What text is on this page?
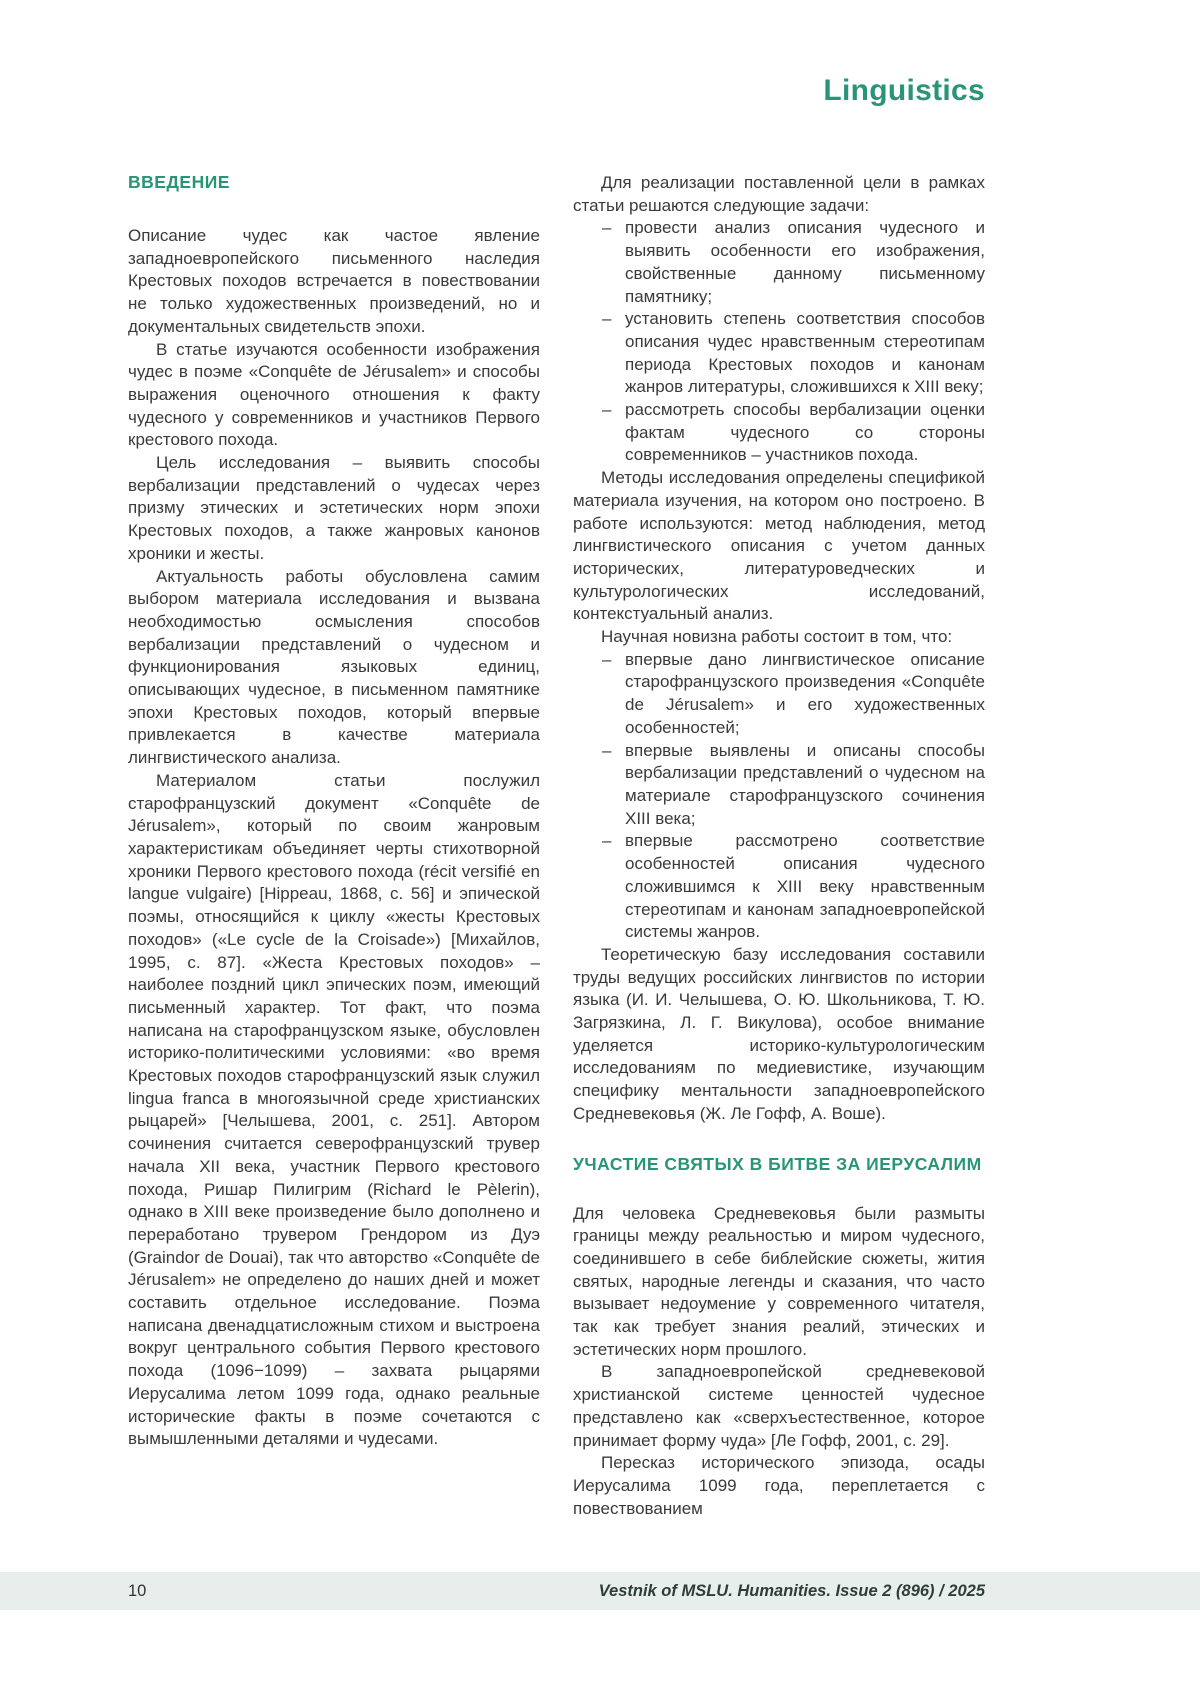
Linguistics
ВВЕДЕНИЕ

Описание чудес как частое явление западноевропейского письменного наследия Крестовых походов встречается в повествовании не только художественных произведений, но и документальных свидетельств эпохи.

В статье изучаются особенности изображения чудес в поэме «Conquête de Jérusalem» и способы выражения оценочного отношения к факту чудесного у современников и участников Первого крестового похода.

Цель исследования – выявить способы вербализации представлений о чудесах через призму этических и эстетических норм эпохи Крестовых походов, а также жанровых канонов хроники и жесты.

Актуальность работы обусловлена самим выбором материала исследования и вызвана необходимостью осмысления способов вербализации представлений о чудесном и функционирования языковых единиц, описывающих чудесное, в письменном памятнике эпохи Крестовых походов, который впервые привлекается в качестве материала лингвистического анализа.

Материалом статьи послужил старофранцузский документ «Conquête de Jérusalem», который по своим жанровым характеристикам объединяет черты стихотворной хроники Первого крестового похода (récit versifié en langue vulgaire) [Hippeau, 1868, с. 56] и эпической поэмы, относящийся к циклу «жесты Крестовых походов» («Le cycle de la Croisade») [Михайлов, 1995, с. 87]. «Жеста Крестовых походов» – наиболее поздний цикл эпических поэм, имеющий письменный характер. Тот факт, что поэма написана на старофранцузском языке, обусловлен историко-политическими условиями: «во время Крестовых походов старофранцузский язык служил lingua franca в многоязычной среде христианских рыцарей» [Челышева, 2001, с. 251]. Автором сочинения считается северофранцузский трувер начала XII века, участник Первого крестового похода, Ришар Пилигрим (Richard le Pèlerin), однако в XIII веке произведение было дополнено и переработано трувером Грендором из Дуэ (Graindor de Douai), так что авторство «Conquête de Jérusalem» не определено до наших дней и может составить отдельное исследование. Поэма написана двенадцатисложным стихом и выстроена вокруг центрального события Первого крестового похода (1096−1099) – захвата рыцарями Иерусалима летом 1099 года, однако реальные исторические факты в поэме сочетаются с вымышленными деталями и чудесами.

Для реализации поставленной цели в рамках статьи решаются следующие задачи:

– провести анализ описания чудесного и выявить особенности его изображения, свойственные данному письменному памятнику;
– установить степень соответствия способов описания чудес нравственным стереотипам периода Крестовых походов и канонам жанров литературы, сложившихся к XIII веку;
– рассмотреть способы вербализации оценки фактам чудесного со стороны современников – участников похода.

Методы исследования определены спецификой материала изучения, на котором оно построено. В работе используются: метод наблюдения, метод лингвистического описания с учетом данных исторических, литературоведческих и культурологических исследований, контекстуальный анализ.

Научная новизна работы состоит в том, что:

– впервые дано лингвистическое описание старофранцузского произведения «Conquête de Jérusalem» и его художественных особенностей;
– впервые выявлены и описаны способы вербализации представлений о чудесном на материале старофранцузского сочинения XIII века;
– впервые рассмотрено соответствие особенностей описания чудесного сложившимся к XIII веку нравственным стереотипам и канонам западноевропейской системы жанров.

Теоретическую базу исследования составили труды ведущих российских лингвистов по истории языка (И. И. Челышева, О. Ю. Школьникова, Т. Ю. Загрязкина, Л. Г. Викулова), особое внимание уделяется историко-культурологическим исследованиям по медиевистике, изучающим специфику ментальности западноевропейского Средневековья (Ж. Ле Гофф, А. Воше).

УЧАСТИЕ СВЯТЫХ В БИТВЕ ЗА ИЕРУСАЛИМ

Для человека Средневековья были размыты границы между реальностью и миром чудесного, соединившего в себе библейские сюжеты, жития святых, народные легенды и сказания, что часто вызывает недоумение у современного читателя, так как требует знания реалий, этических и эстетических норм прошлого.

В западноевропейской средневековой христианской системе ценностей чудесное представлено как «сверхъестественное, которое принимает форму чуда» [Ле Гофф, 2001, с. 29].

Пересказ исторического эпизода, осады Иерусалима 1099 года, переплетается с повествованием

10	Vestnik of MSLU. Humanities. Issue 2 (896) / 2025
